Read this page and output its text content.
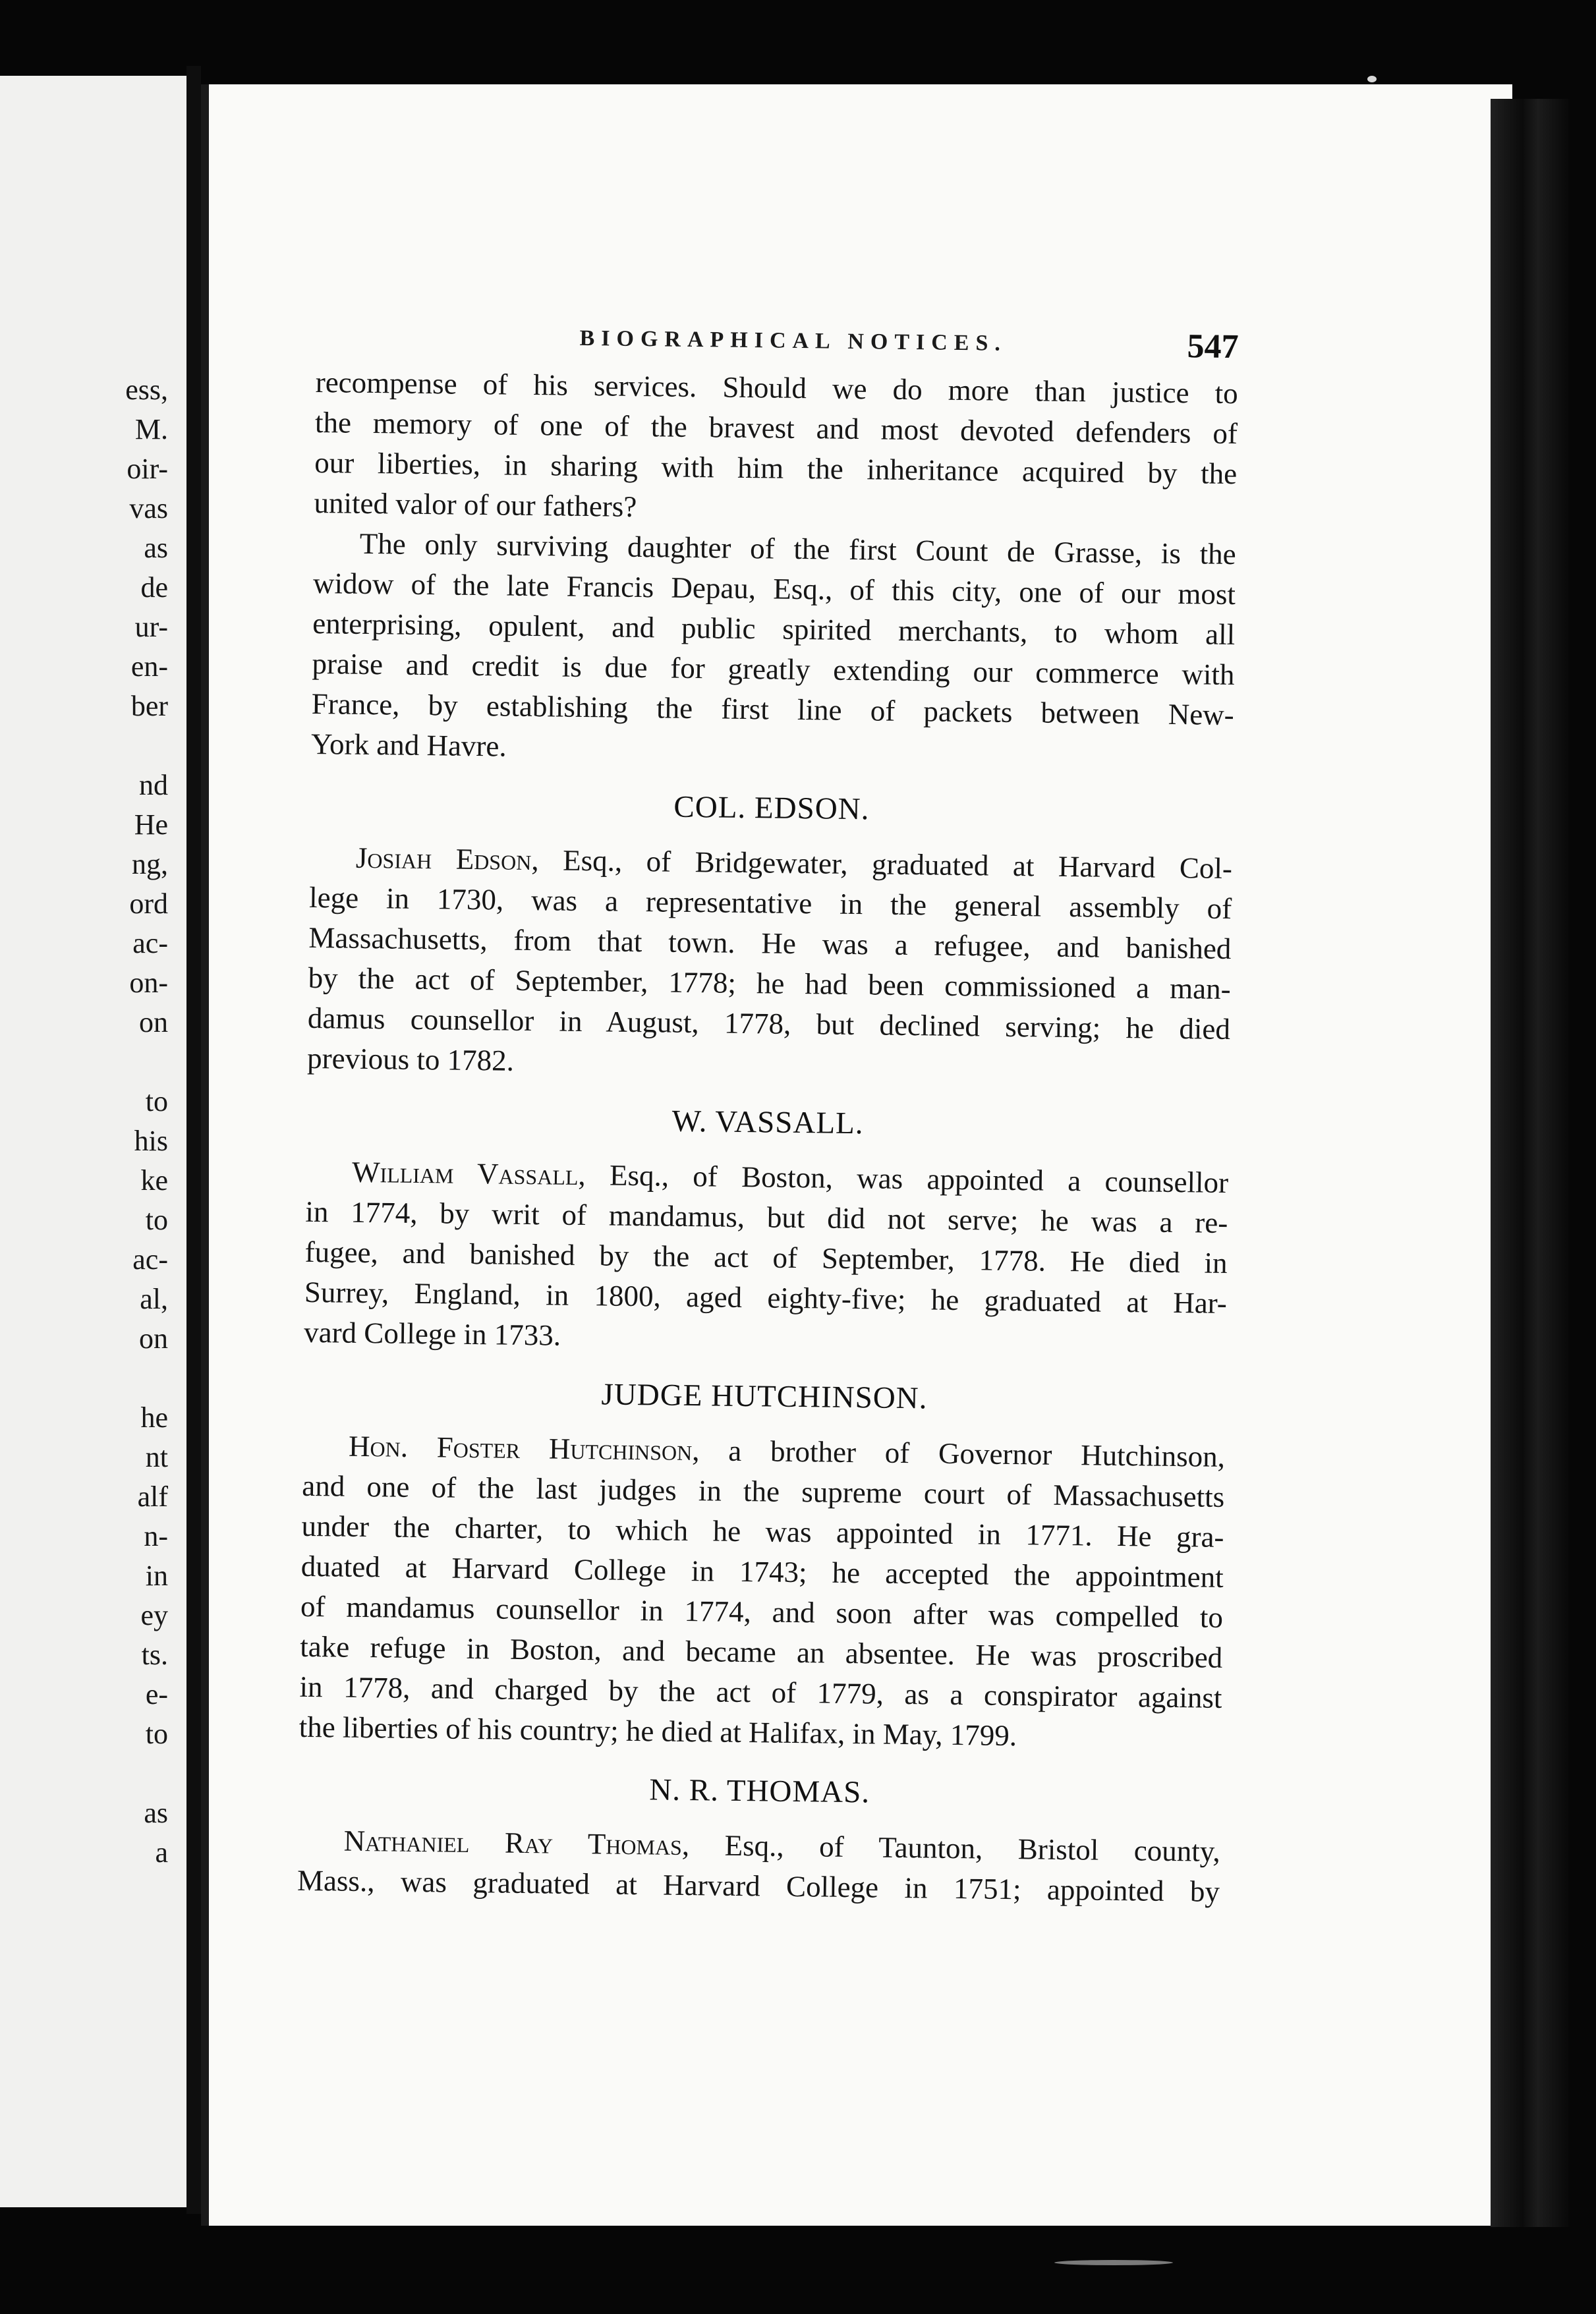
ess,
M.
oir-
vas
as
de
ur-
en-
ber
nd
He
ng,
ord
ac-
on-
on
to
his
ke
to
ac-
al,
on
he
nt
alf
n-
in
ey
ts.
e-
to
as
a
BIOGRAPHICAL NOTICES.	547

recompense of his services. Should we do more than justice to

the memory of one of the bravest and most devoted defenders of

our liberties, in sharing with him the inheritance acquired by the

united valor of our fathers?

The only surviving daughter of the first Count de Grasse, is the

widow of the late Francis Depau, Esq., of this city, one of our most

enterprising, opulent, and public spirited merchants, to whom all

praise and credit is due for greatly extending our commerce with

France, by establishing the first line of packets between New-

York and Havre.

COL. EDSON.

Josiah Edson, Esq., of Bridgewater, graduated at Harvard Col-

lege in 1730, was a representative in the general assembly of

Massachusetts, from that town. He was a refugee, and banished

by the act of September, 1778; he had been commissioned a man-

damus counsellor in August, 1778, but declined serving; he died

previous to 1782.

W. VASSALL.

William Vassall, Esq., of Boston, was appointed a counsellor

in 1774, by writ of mandamus, but did not serve; he was a re-

fugee, and banished by the act of September, 1778. He died in

Surrey, England, in 1800, aged eighty-five; he graduated at Har-

vard College in 1733.

JUDGE HUTCHINSON.

Hon. Foster Hutchinson, a brother of Governor Hutchinson,

and one of the last judges in the supreme court of Massachusetts

under the charter, to which he was appointed in 1771. He gra-

duated at Harvard College in 1743; he accepted the appointment

of mandamus counsellor in 1774, and soon after was compelled to

take refuge in Boston, and became an absentee. He was proscribed

in 1778, and charged by the act of 1779, as a conspirator against

the liberties of his country; he died at Halifax, in May, 1799.

N. R. THOMAS.

Nathaniel Ray Thomas, Esq., of Taunton, Bristol county,

Mass., was graduated at Harvard College in 1751; appointed by
